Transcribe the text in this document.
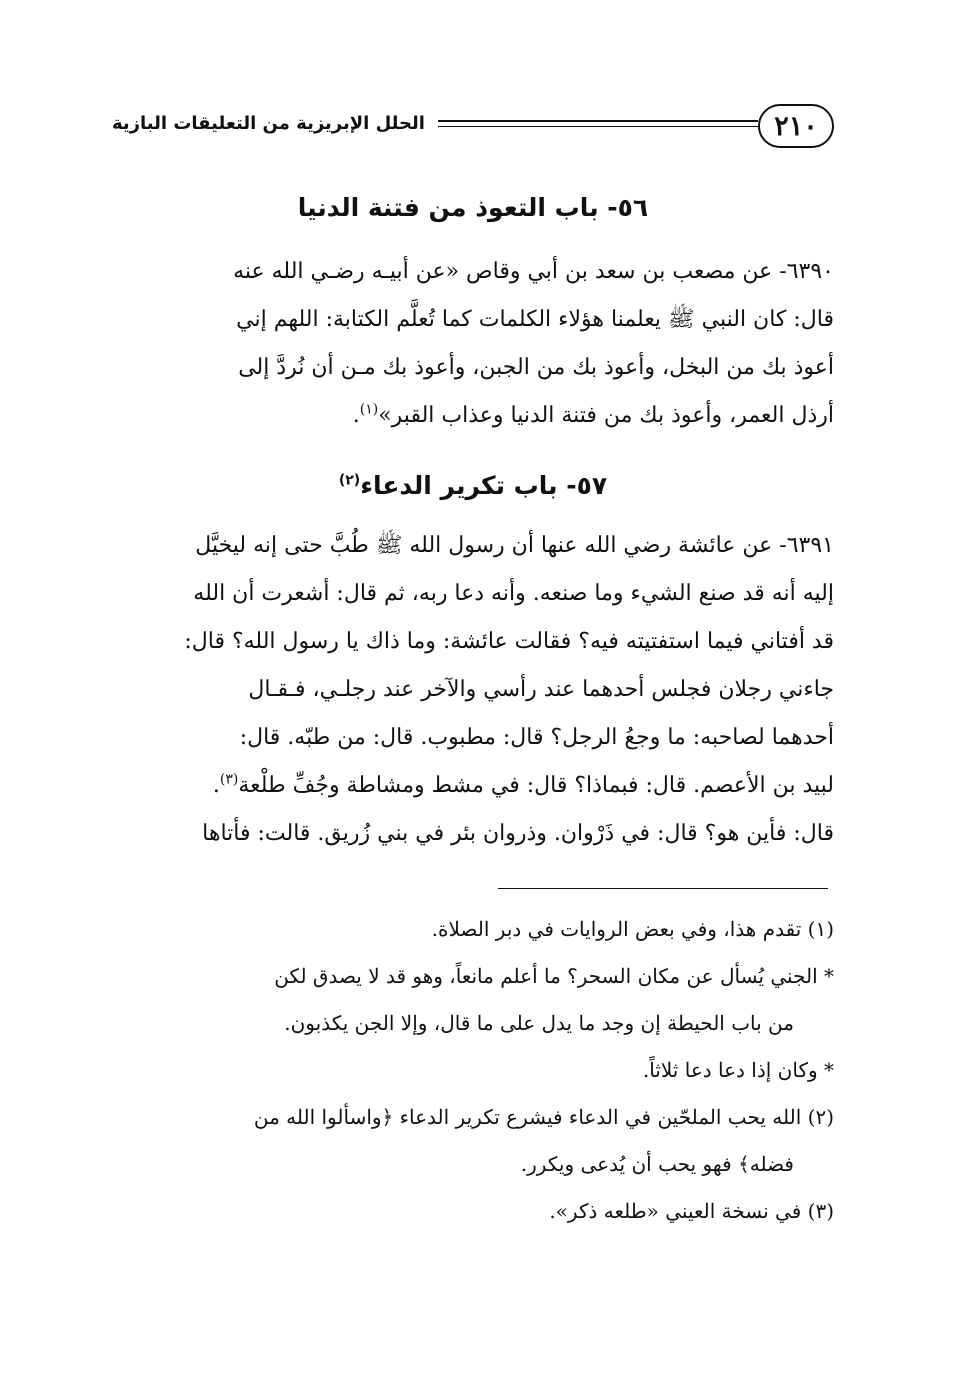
٢١٠
الحلل الإبريزية من التعليقات البازية
٥٦- باب التعوذ من فتنة الدنيا
٦٣٩٠- عن مصعب بن سعد بن أبي وقاص «عن أبيـه رضـي الله عنه
قال: كان النبي ﷺ يعلمنا هؤلاء الكلمات كما تُعلَّم الكتابة: اللهم إني
أعوذ بك من البخل، وأعوذ بك من الجبن، وأعوذ بك مـن أن نُردَّ إلى
أرذل العمر، وأعوذ بك من فتنة الدنيا وعذاب القبر»$^{(١)}$.
٥٧- باب تكرير الدعاء$^{(٢)}$
٦٣٩١- عن عائشة رضي الله عنها أن رسول الله ﷺ طُبَّ حتى إنه ليخيَّل
إليه أنه قد صنع الشيء وما صنعه. وأنه دعا ربه، ثم قال: أشعرت أن الله
قد أفتاني فيما استفتيته فيه؟ فقالت عائشة: وما ذاك يا رسول الله؟ قال:
جاءني رجلان فجلس أحدهما عند رأسي والآخر عند رجلـي، فـقـال
أحدهما لصاحبه: ما وجعُ الرجل؟ قال: مطبوب. قال: من طبّه. قال:
لبيد بن الأعصم. قال: فبماذا؟ قال: في مشط ومشاطة وجُفِّ طلْعة$^{(٣)}$.
قال: فأين هو؟ قال: في ذَرْوان. وذروان بئر في بني زُريق. قالت: فأتاها
(١) تقدم هذا، وفي بعض الروايات في دبر الصلاة.
* الجني يُسأل عن مكان السحر؟ ما أعلم مانعاً، وهو قد لا يصدق لكن
من باب الحيطة إن وجد ما يدل على ما قال، وإلا الجن يكذبون.
* وكان إذا دعا دعا ثلاثاً.
(٢) الله يحب الملحّين في الدعاء فيشرع تكرير الدعاء ﴿واسألوا الله من
فضله﴾ فهو يحب أن يُدعى ويكرر.
(٣) في نسخة العيني «طلعه ذكر».
